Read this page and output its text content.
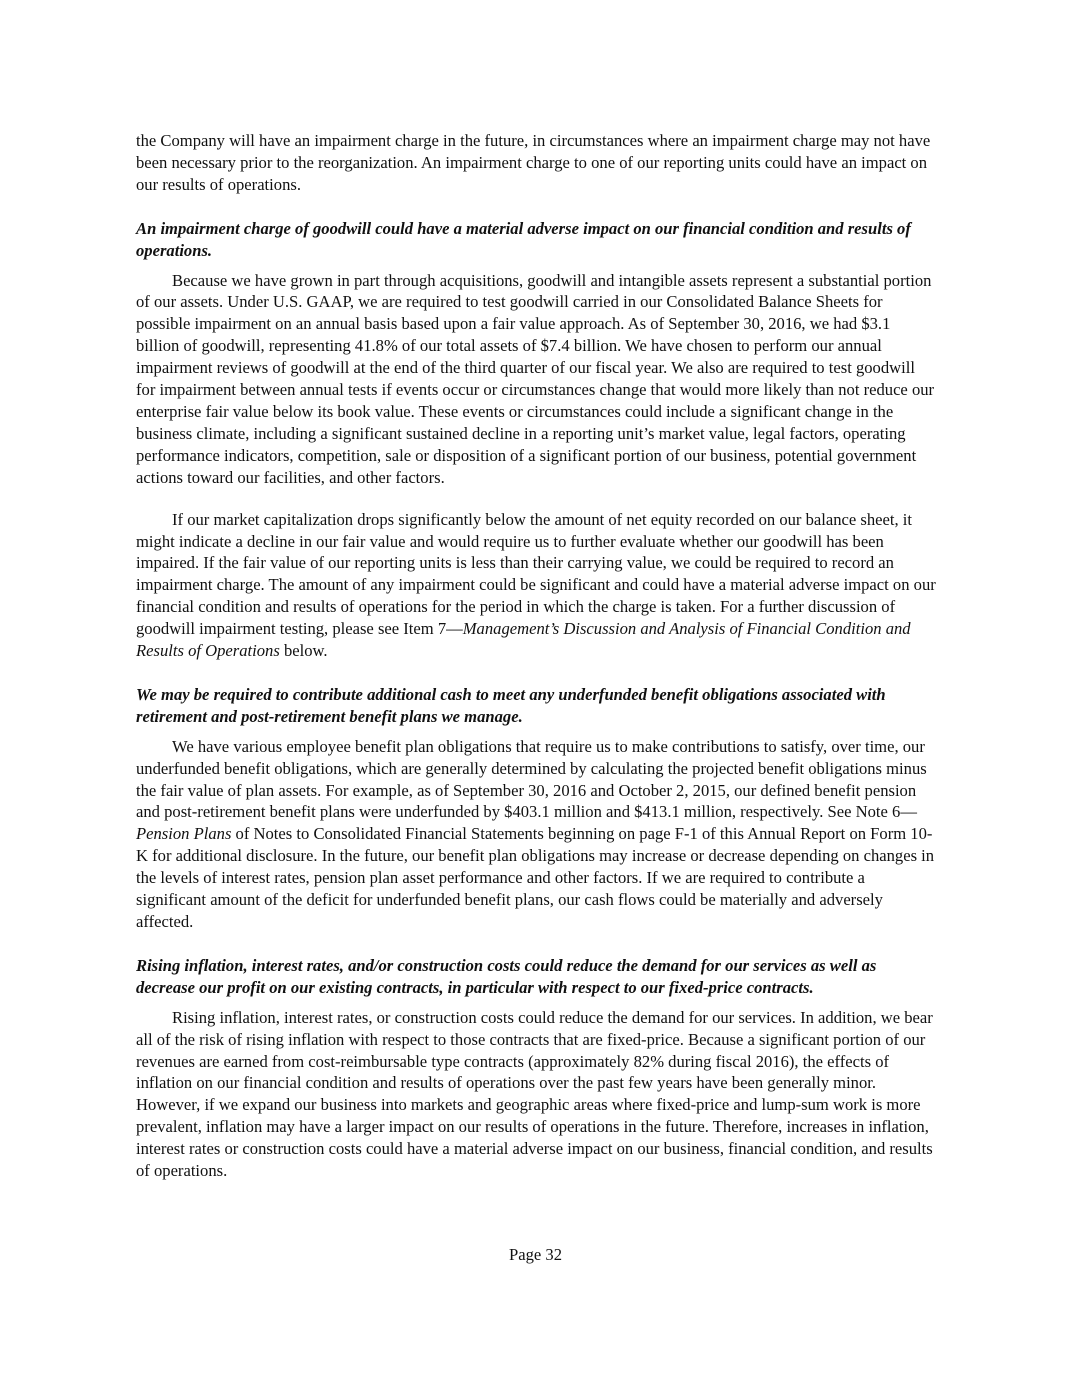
the Company will have an impairment charge in the future, in circumstances where an impairment charge may not have been necessary prior to the reorganization. An impairment charge to one of our reporting units could have an impact on our results of operations.

An impairment charge of goodwill could have a material adverse impact on our financial condition and results of operations.

Because we have grown in part through acquisitions, goodwill and intangible assets represent a substantial portion of our assets. Under U.S. GAAP, we are required to test goodwill carried in our Consolidated Balance Sheets for possible impairment on an annual basis based upon a fair value approach. As of September 30, 2016, we had $3.1 billion of goodwill, representing 41.8% of our total assets of $7.4 billion. We have chosen to perform our annual impairment reviews of goodwill at the end of the third quarter of our fiscal year. We also are required to test goodwill for impairment between annual tests if events occur or circumstances change that would more likely than not reduce our enterprise fair value below its book value. These events or circumstances could include a significant change in the business climate, including a significant sustained decline in a reporting unit’s market value, legal factors, operating performance indicators, competition, sale or disposition of a significant portion of our business, potential government actions toward our facilities, and other factors.

If our market capitalization drops significantly below the amount of net equity recorded on our balance sheet, it might indicate a decline in our fair value and would require us to further evaluate whether our goodwill has been impaired. If the fair value of our reporting units is less than their carrying value, we could be required to record an impairment charge. The amount of any impairment could be significant and could have a material adverse impact on our financial condition and results of operations for the period in which the charge is taken. For a further discussion of goodwill impairment testing, please see Item 7—Management’s Discussion and Analysis of Financial Condition and Results of Operations below.

We may be required to contribute additional cash to meet any underfunded benefit obligations associated with retirement and post-retirement benefit plans we manage.

We have various employee benefit plan obligations that require us to make contributions to satisfy, over time, our underfunded benefit obligations, which are generally determined by calculating the projected benefit obligations minus the fair value of plan assets. For example, as of September 30, 2016 and October 2, 2015, our defined benefit pension and post-retirement benefit plans were underfunded by $403.1 million and $413.1 million, respectively. See Note 6—Pension Plans of Notes to Consolidated Financial Statements beginning on page F-1 of this Annual Report on Form 10-K for additional disclosure. In the future, our benefit plan obligations may increase or decrease depending on changes in the levels of interest rates, pension plan asset performance and other factors. If we are required to contribute a significant amount of the deficit for underfunded benefit plans, our cash flows could be materially and adversely affected.

Rising inflation, interest rates, and/or construction costs could reduce the demand for our services as well as decrease our profit on our existing contracts, in particular with respect to our fixed-price contracts.

Rising inflation, interest rates, or construction costs could reduce the demand for our services. In addition, we bear all of the risk of rising inflation with respect to those contracts that are fixed-price. Because a significant portion of our revenues are earned from cost-reimbursable type contracts (approximately 82% during fiscal 2016), the effects of inflation on our financial condition and results of operations over the past few years have been generally minor. However, if we expand our business into markets and geographic areas where fixed-price and lump-sum work is more prevalent, inflation may have a larger impact on our results of operations in the future. Therefore, increases in inflation, interest rates or construction costs could have a material adverse impact on our business, financial condition, and results of operations.

Page 32
